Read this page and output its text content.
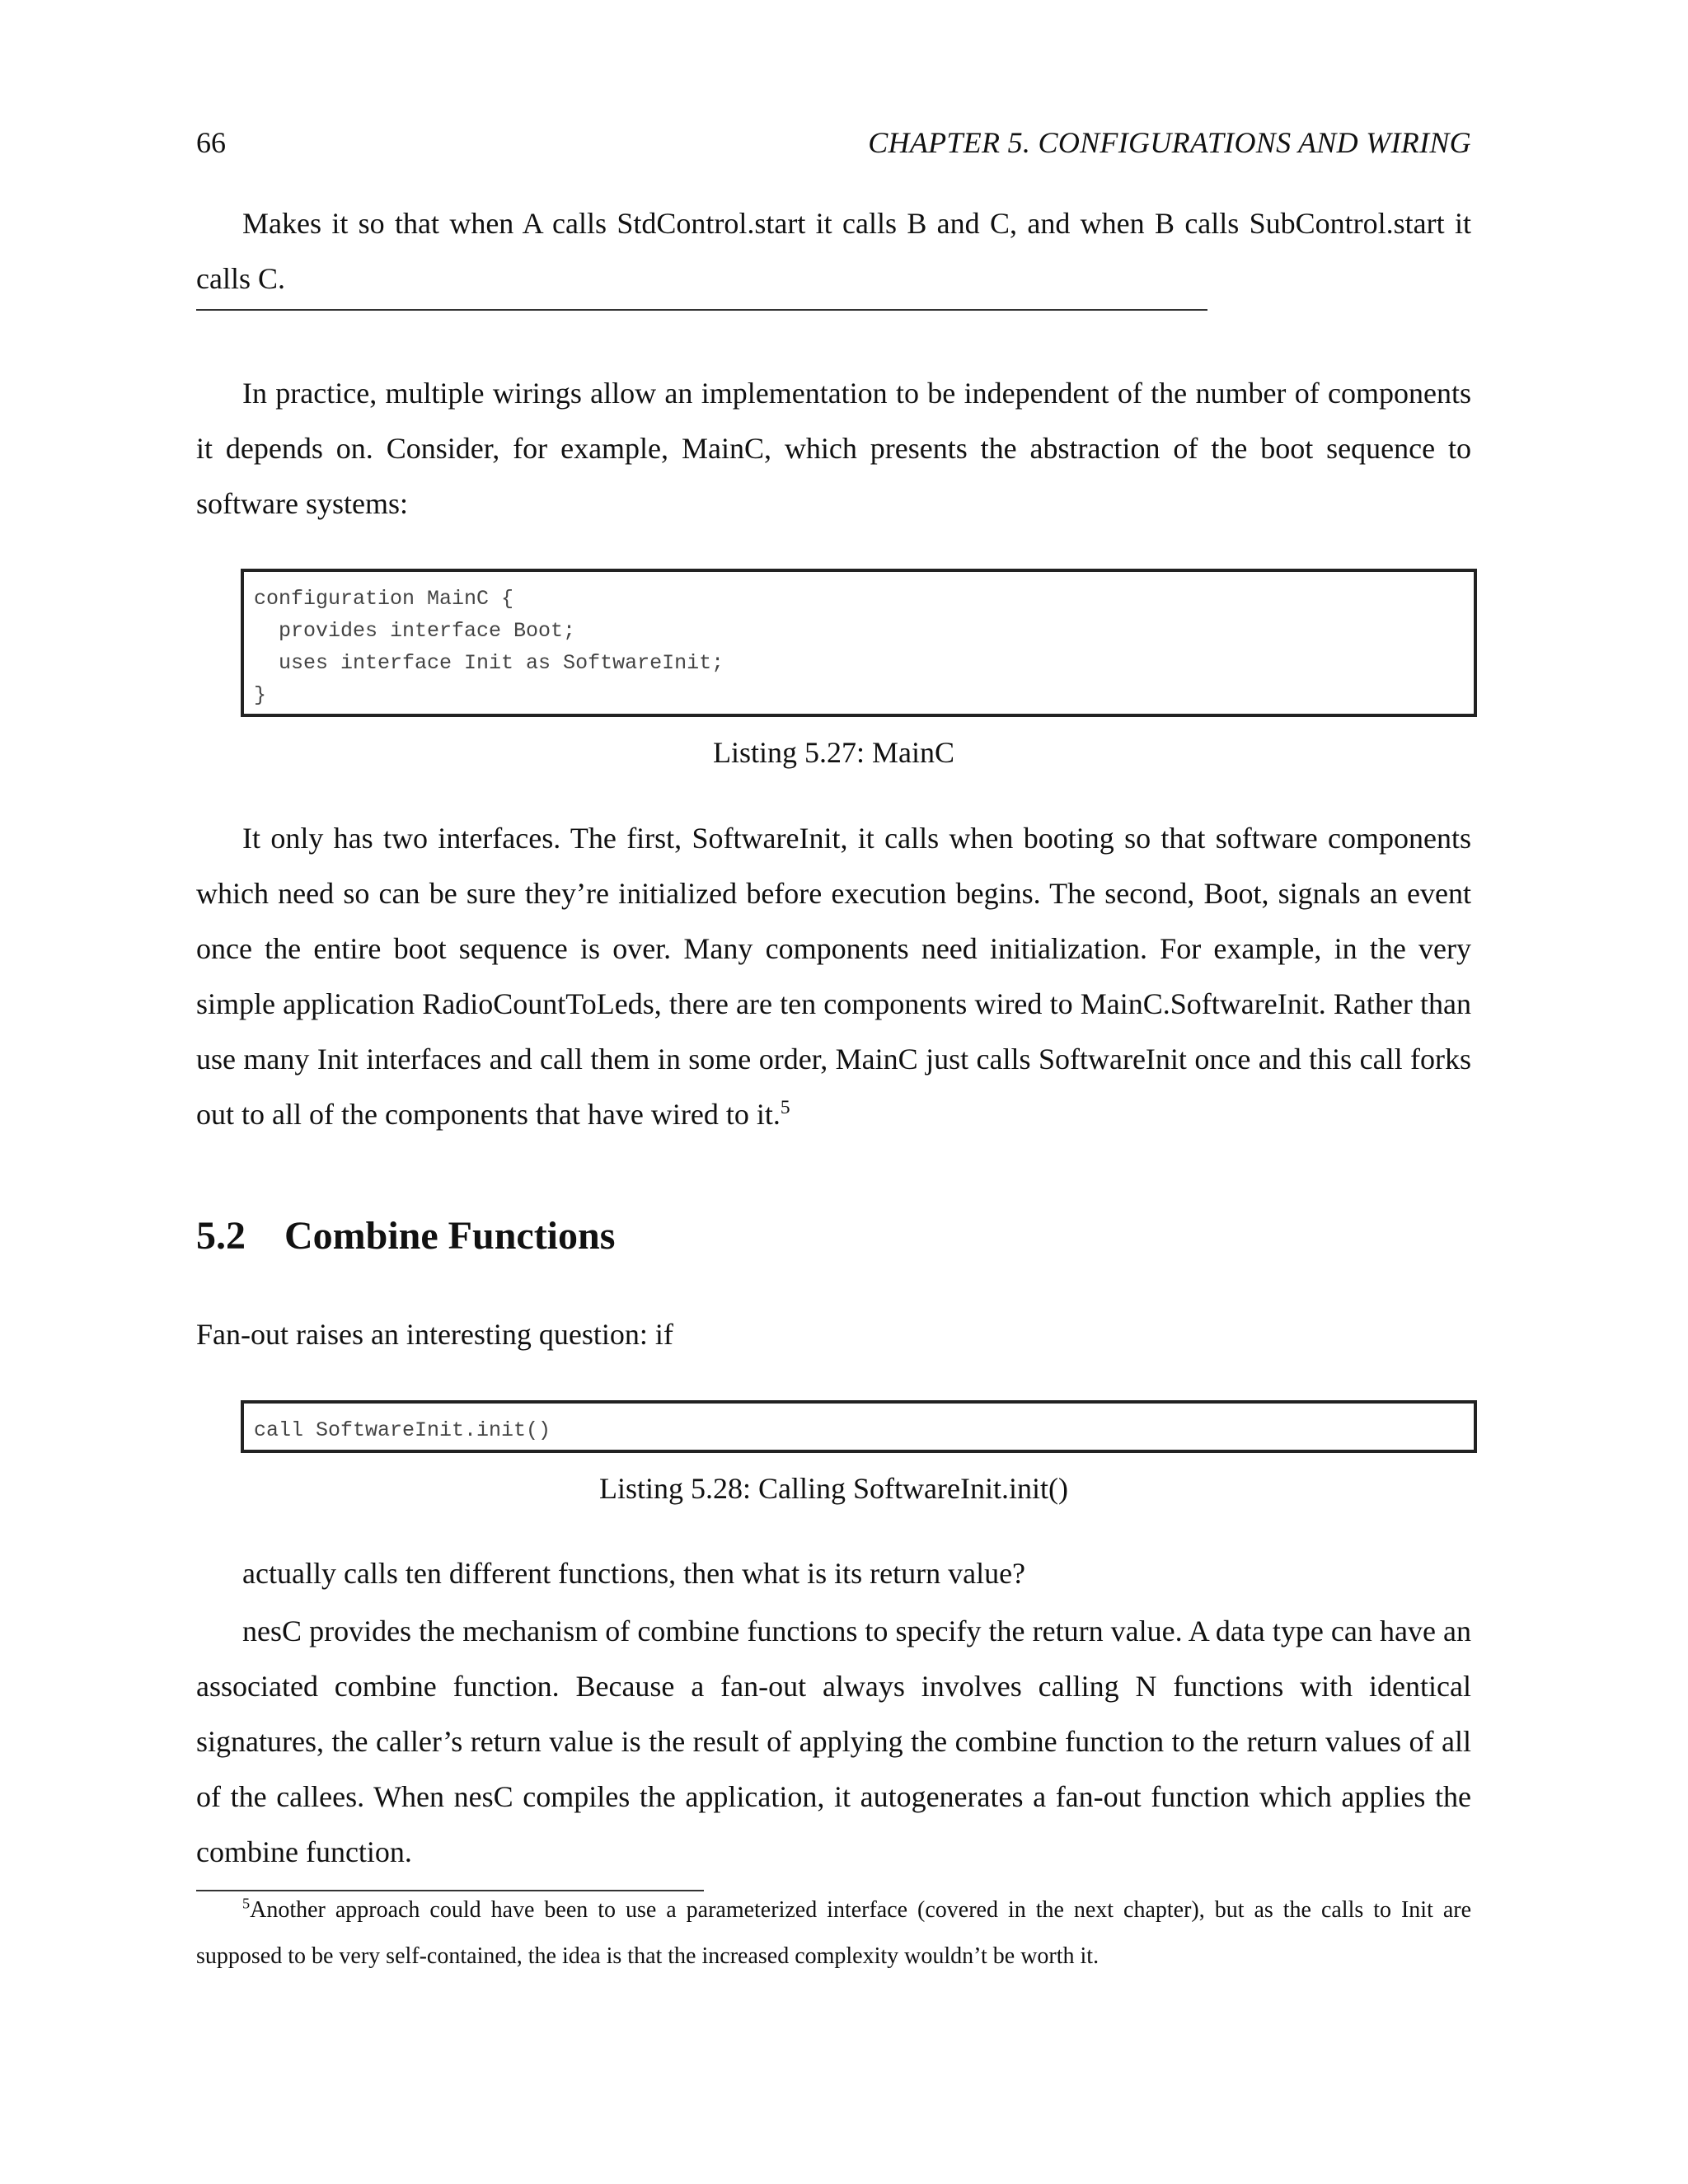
66	CHAPTER 5. CONFIGURATIONS AND WIRING

Makes it so that when A calls StdControl.start it calls B and C, and when B calls SubControl.start it calls C.

In practice, multiple wirings allow an implementation to be independent of the number of components it depends on. Consider, for example, MainC, which presents the abstraction of the boot sequence to software systems:

configuration MainC {
provides interface Boot;
uses interface Init as SoftwareInit;
}
Listing 5.27: MainC

It only has two interfaces. The first, SoftwareInit, it calls when booting so that software components which need so can be sure they’re initialized before execution begins. The second, Boot, signals an event once the entire boot sequence is over. Many components need initialization. For example, in the very simple application RadioCountToLeds, there are ten components wired to MainC.SoftwareInit. Rather than use many Init interfaces and call them in some order, MainC just calls SoftwareInit once and this call forks out to all of the components that have wired to it.$^5$

5.2 Combine Functions

Fan-out raises an interesting question: if

call SoftwareInit.init()
Listing 5.28: Calling SoftwareInit.init()

actually calls ten different functions, then what is its return value?

nesC provides the mechanism of combine functions to specify the return value. A data type can have an associated combine function. Because a fan-out always involves calling N functions with identical signatures, the caller’s return value is the result of applying the combine function to the return values of all of the callees. When nesC compiles the application, it autogenerates a fan-out function which applies the combine function.

$^5$Another approach could have been to use a parameterized interface (covered in the next chapter), but as the calls to Init are supposed to be very self-contained, the idea is that the increased complexity wouldn’t be worth it.
